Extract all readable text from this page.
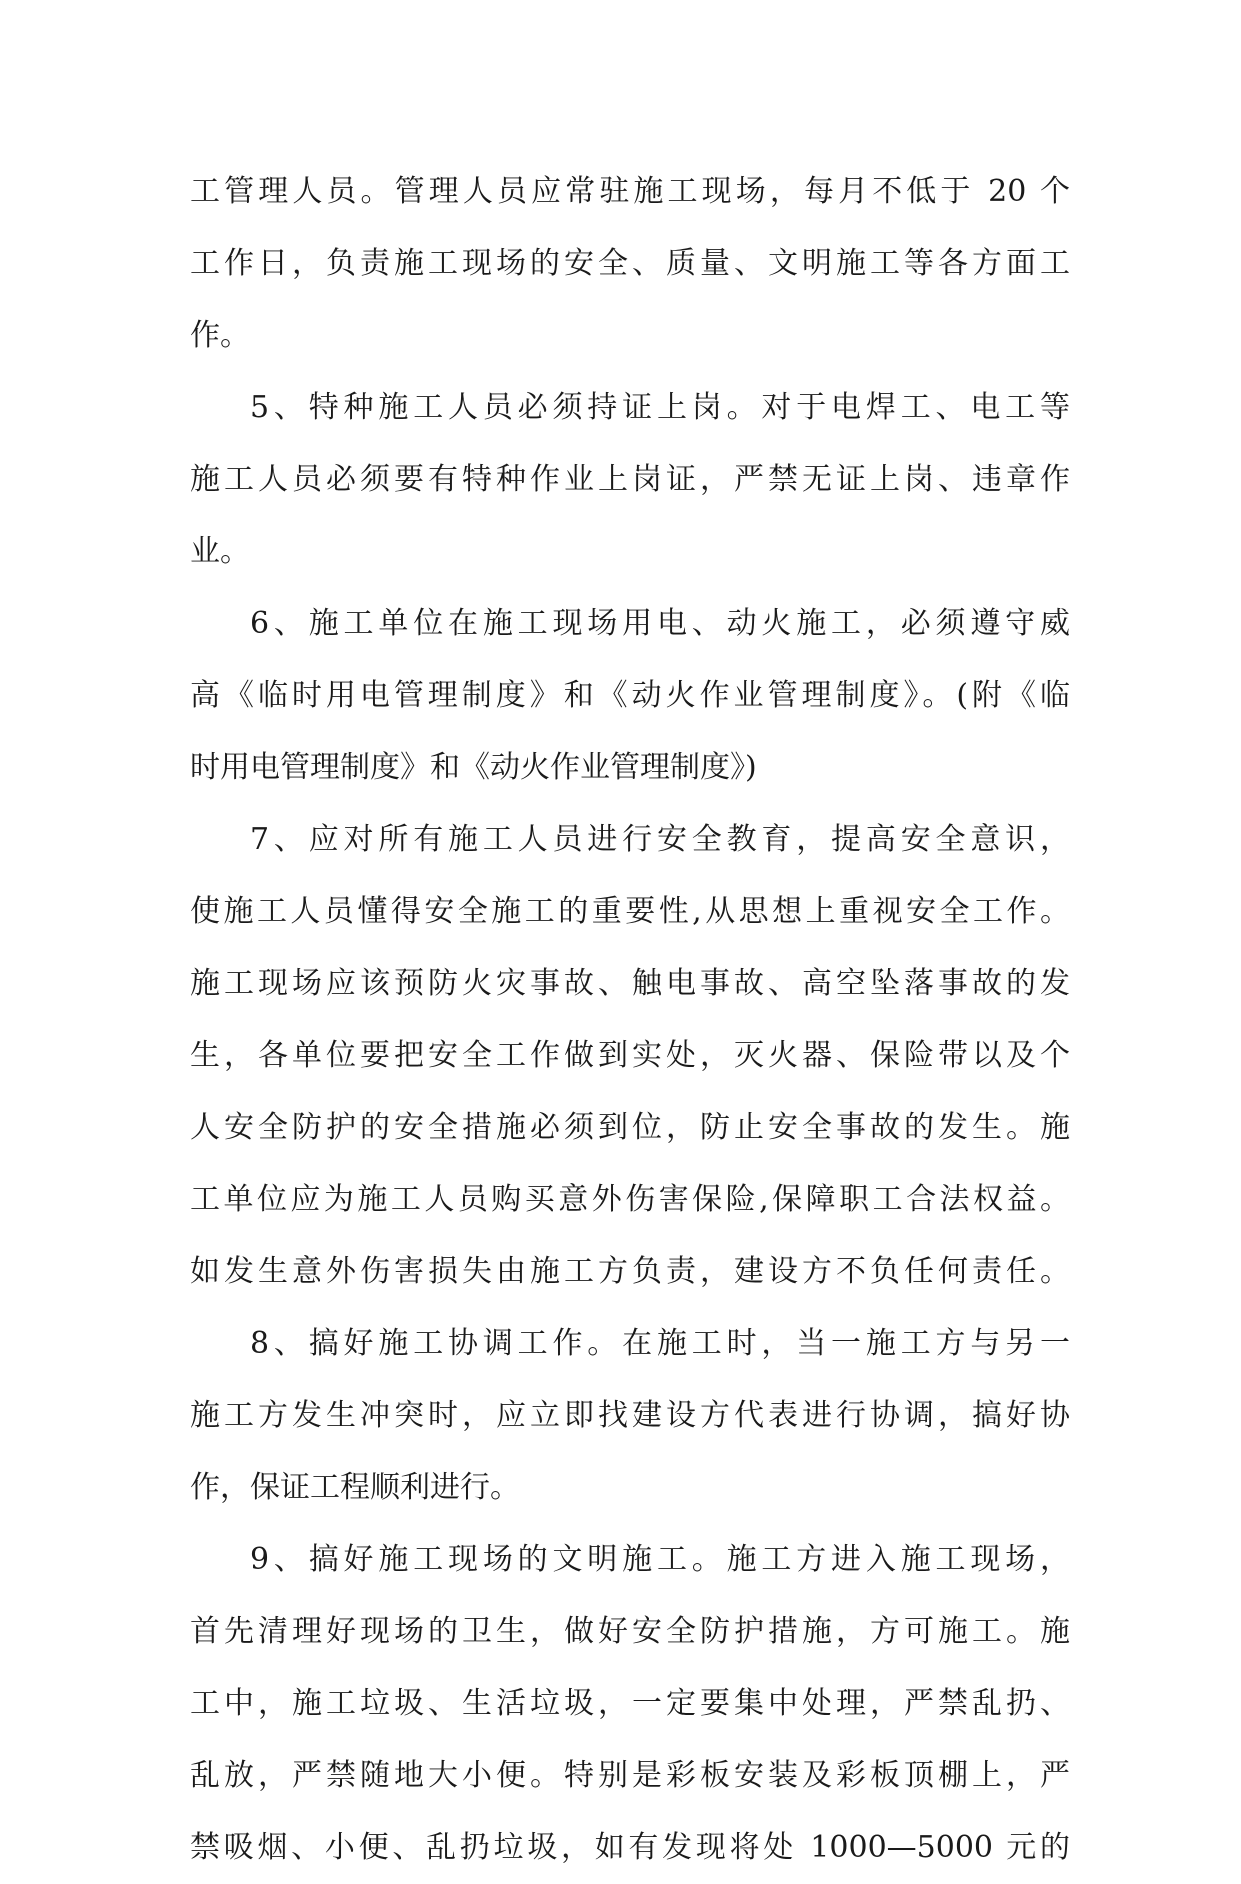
工管理人员。管理人员应常驻施工现场，每月不低于 20 个
工作日，负责施工现场的安全、质量、文明施工等各方面工
作。
5、特种施工人员必须持证上岗。对于电焊工、电工等
施工人员必须要有特种作业上岗证，严禁无证上岗、违章作
业。
6、施工单位在施工现场用电、动火施工，必须遵守威
高《临时用电管理制度》和《动火作业管理制度》。(附《临
时用电管理制度》和《动火作业管理制度》)
7、应对所有施工人员进行安全教育，提高安全意识，
使施工人员懂得安全施工的重要性,从思想上重视安全工作。
施工现场应该预防火灾事故、触电事故、高空坠落事故的发
生，各单位要把安全工作做到实处，灭火器、保险带以及个
人安全防护的安全措施必须到位，防止安全事故的发生。施
工单位应为施工人员购买意外伤害保险,保障职工合法权益。
如发生意外伤害损失由施工方负责，建设方不负任何责任。
8、搞好施工协调工作。在施工时，当一施工方与另一
施工方发生冲突时，应立即找建设方代表进行协调，搞好协
作，保证工程顺利进行。
9、搞好施工现场的文明施工。施工方进入施工现场，
首先清理好现场的卫生，做好安全防护措施，方可施工。施
工中，施工垃圾、生活垃圾，一定要集中处理，严禁乱扔、
乱放，严禁随地大小便。特别是彩板安装及彩板顶棚上，严
禁吸烟、小便、乱扔垃圾，如有发现将处 1000—5000 元的
